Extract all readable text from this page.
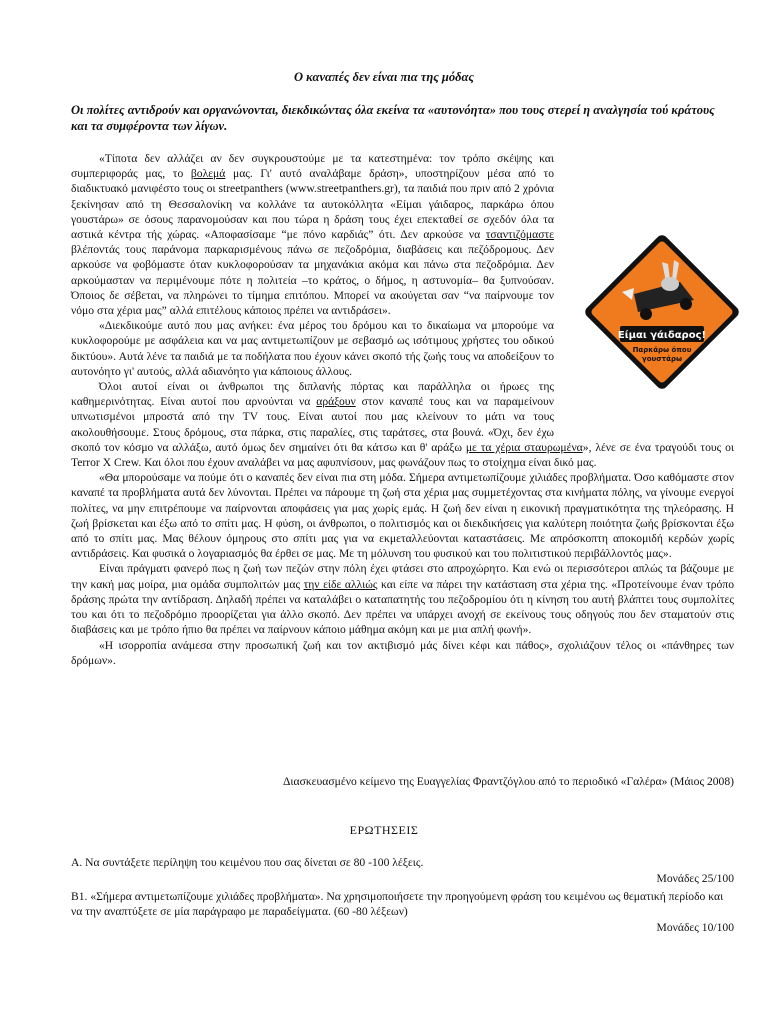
Ο καναπές δεν είναι πια της μόδας
Οι πολίτες αντιδρούν και οργανώνονται, διεκδικώντας όλα εκείνα τα «αυτονόητα» που τους στερεί η αναλγησία τού κράτους και τα συμφέροντα των λίγων.

«Τίποτα δεν αλλάζει αν δεν συγκρουστούμε με τα κατεστημένα: τον τρόπο σκέψης και συμπεριφοράς μας, το βολεμά μας. Γι' αυτό αναλάβαμε δράση», υποστηρίζουν μέσα από το διαδικτυακό μανιφέστο τους οι streetpanthers (www.streetpanthers.gr), τα παιδιά που πριν από 2 χρόνια ξεκίνησαν από τη Θεσσαλονίκη να κολλάνε τα αυτοκόλλητα «Είμαι γάιδαρος, παρκάρω όπου γουστάρω» σε όσους παρανομούσαν και που τώρα η δράση τους έχει επεκταθεί σε σχεδόν όλα τα αστικά κέντρα τής χώρας. «Αποφασίσαμε “με πόνο καρδιάς” ότι. Δεν αρκούσε να τσαντιζόμαστε βλέποντάς τους παράνομα παρκαρισμένους πάνω σε πεζοδρόμια, διαβάσεις και πεζόδρομους. Δεν αρκούσε να φοβόμαστε όταν κυκλοφορούσαν τα μηχανάκια ακόμα και πάνω στα πεζοδρόμια. Δεν αρκούμασταν να περιμένουμε πότε η πολιτεία –το κράτος, ο δήμος, η αστυνομία– θα ξυπνούσαν. Όποιος δε σέβεται, να πληρώνει το τίμημα επιτόπου. Μπορεί να ακούγεται σαν “να παίρνουμε τον νόμο στα χέρια μας” αλλά επιτέλους κάποιος πρέπει να αντιδράσει».

«Διεκδικούμε αυτό που μας ανήκει: ένα μέρος του δρόμου και το δικαίωμα να μπορούμε να κυκλοφορούμε με ασφάλεια και να μας αντιμετωπίζουν με σεβασμό ως ισότιμους χρήστες του οδικού δικτύου». Αυτά λένε τα παιδιά με τα ποδήλατα που έχουν κάνει σκοπό τής ζωής τους να αποδείξουν το αυτονόητο γι' αυτούς, αλλά αδιανόητο για κάποιους άλλους.

Όλοι αυτοί είναι οι άνθρωποι της διπλανής πόρτας και παράλληλα οι ήρωες της καθημερινότητας. Είναι αυτοί που αρνούνται να αράξουν στον καναπέ τους και να παραμείνουν υπνωτισμένοι μπροστά από την TV τους. Είναι αυτοί που μας κλείνουν το μάτι να τους ακολουθήσουμε. Στους δρόμους, στα πάρκα, στις παραλίες, στις ταράτσες, στα βουνά. «Όχι, δεν έχω σκοπό τον κόσμο να αλλάξω, αυτό όμως δεν σημαίνει ότι θα κάτσω και θ' αράξω με τα χέρια σταυρωμένα», λένε σε ένα τραγούδι τους οι Terror X Crew. Και όλοι που έχουν αναλάβει να μας αφυπνίσουν, μας φωνάζουν πως το στοίχημα είναι δικό μας.

«Θα μπορούσαμε να πούμε ότι ο καναπές δεν είναι πια στη μόδα. Σήμερα αντιμετωπίζουμε χιλιάδες προβλήματα. Όσο καθόμαστε στον καναπέ τα προβλήματα αυτά δεν λύνονται. Πρέπει να πάρουμε τη ζωή στα χέρια μας συμμετέχοντας στα κινήματα πόλης, να γίνουμε ενεργοί πολίτες, να μην επιτρέπουμε να παίρνονται αποφάσεις για μας χωρίς εμάς. Η ζωή δεν είναι η εικονική πραγματικότητα της τηλεόρασης. Η ζωή βρίσκεται και έξω από το σπίτι μας. Η φύση, οι άνθρωποι, ο πολιτισμός και οι διεκδικήσεις για καλύτερη ποιότητα ζωής βρίσκονται έξω από το σπίτι μας. Μας θέλουν όμηρους στο σπίτι μας για να εκμεταλλεύονται καταστάσεις. Με απρόσκοπτη αποκομιδή κερδών χωρίς αντιδράσεις. Και φυσικά ο λογαριασμός θα έρθει σε μας. Με τη μόλυνση του φυσικού και του πολιτιστικού περιβάλλοντός μας».

Είναι πράγματι φανερό πως η ζωή των πεζών στην πόλη έχει φτάσει στο απροχώρητο. Και ενώ οι περισσότεροι απλώς τα βάζουμε με την κακή μας μοίρα, μια ομάδα συμπολιτών μας την είδε αλλιώς και είπε να πάρει την κατάσταση στα χέρια της. «Προτείνουμε έναν τρόπο δράσης πρώτα την αντίδραση. Δηλαδή πρέπει να καταλάβει ο καταπατητής του πεζοδρομίου ότι η κίνηση του αυτή βλάπτει τους συμπολίτες του και ότι το πεζοδρόμιο προορίζεται για άλλο σκοπό. Δεν πρέπει να υπάρχει ανοχή σε εκείνους τους οδηγούς που δεν σταματούν στις διαβάσεις και με τρόπο ήπιο θα πρέπει να παίρνουν κάποιο μάθημα ακόμη και με μια απλή φωνή».

«Η ισορροπία ανάμεσα στην προσωπική ζωή και τον ακτιβισμό μάς δίνει κέφι και πάθος», σχολιάζουν τέλος οι «πάνθηρες των δρόμων».

Είμαι γάιδαρος!
Παρκάρω όπου
γουστάρω
Διασκευασμένο κείμενο της Ευαγγελίας Φραντζόγλου από το περιοδικό «Γαλέρα» (Μάιος 2008)
ΕΡΩΤΗΣΕΙΣ
Α. Να συντάξετε περίληψη του κειμένου που σας δίνεται σε 80 -100 λέξεις.
Μονάδες 25/100
Β1. «Σήμερα αντιμετωπίζουμε χιλιάδες προβλήματα». Να χρησιμοποιήσετε την προηγούμενη φράση του κειμένου ως θεματική περίοδο και να την αναπτύξετε σε μία παράγραφο με παραδείγματα. (60 -80 λέξεων)
Μονάδες 10/100
